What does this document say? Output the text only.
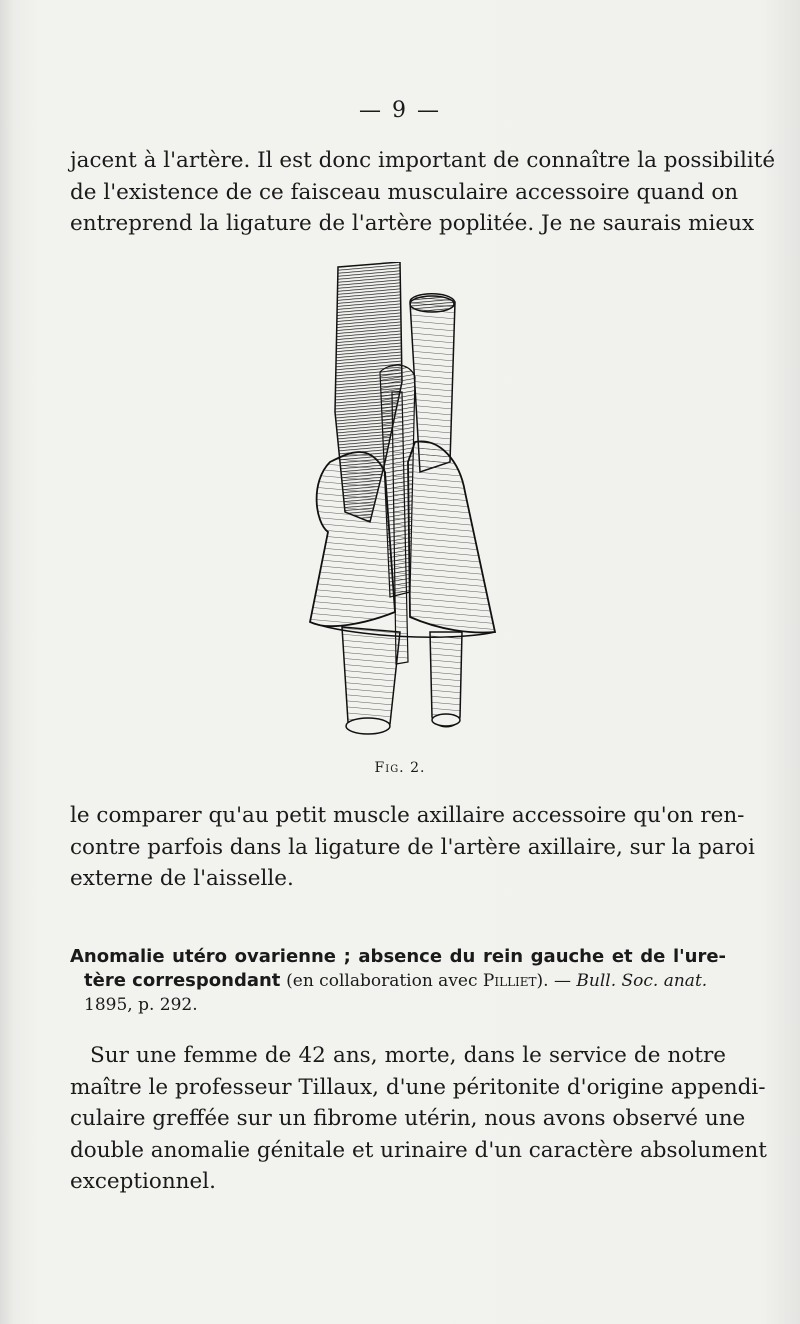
— 9 —
jacent à l'artère. Il est donc important de connaître la possibilité
de l'existence de ce faisceau musculaire accessoire quand on
entreprend la ligature de l'artère poplitée. Je ne saurais mieux
Fig. 2.
le comparer qu'au petit muscle axillaire accessoire qu'on ren-
contre parfois dans la ligature de l'artère axillaire, sur la paroi
externe de l'aisselle.
Anomalie utéro ovarienne ; absence du rein gauche et de l'ure-
tère correspondant (en collaboration avec Pilliet). — Bull. Soc. anat.
1895, p. 292.
Sur une femme de 42 ans, morte, dans le service de notre
maître le professeur Tillaux, d'une péritonite d'origine appendi-
culaire greffée sur un fibrome utérin, nous avons observé une
double anomalie génitale et urinaire d'un caractère absolument
exceptionnel.
